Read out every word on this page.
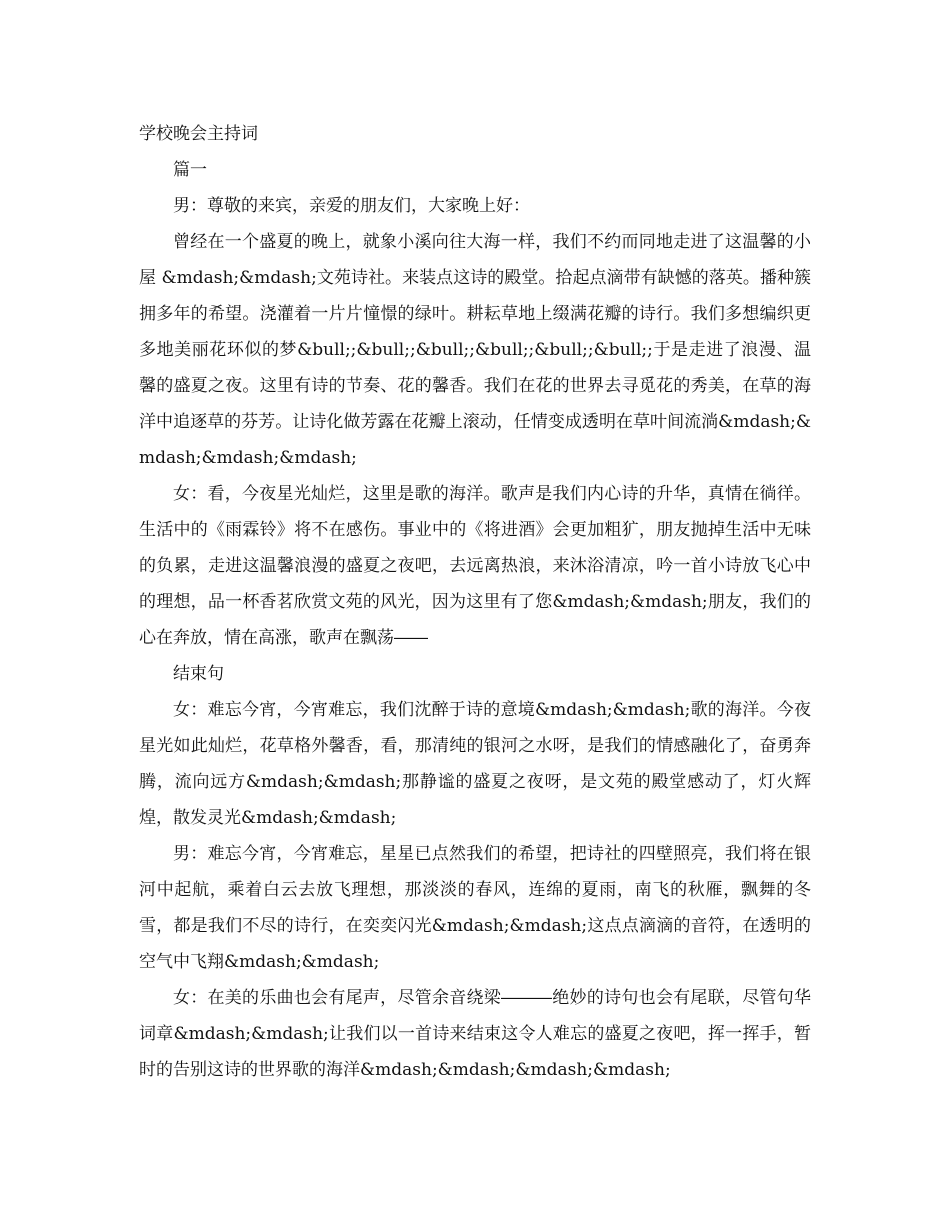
学校晚会主持词

篇一

男：尊敬的来宾，亲爱的朋友们，大家晚上好：

曾经在一个盛夏的晚上，就象小溪向往大海一样，我们不约而同地走进了这温馨的小屋 &mdash;&mdash;文苑诗社。来装点这诗的殿堂。拾起点滴带有缺憾的落英。播种簇拥多年的希望。浇灌着一片片憧憬的绿叶。耕耘草地上缀满花瓣的诗行。我们多想编织更多地美丽花环似的梦&bull;;&bull;;&bull;;&bull;;&bull;;&bull;;于是走进了浪漫、温馨的盛夏之夜。这里有诗的节奏、花的馨香。我们在花的世界去寻觅花的秀美，在草的海洋中追逐草的芬芳。让诗化做芳露在花瓣上滚动，任情变成透明在草叶间流淌&mdash;&mdash;&mdash;&mdash;

女：看，今夜星光灿烂，这里是歌的海洋。歌声是我们内心诗的升华，真情在徜徉。生活中的《雨霖铃》将不在感伤。事业中的《将进酒》会更加粗犷，朋友抛掉生活中无味的负累，走进这温馨浪漫的盛夏之夜吧，去远离热浪，来沐浴清凉，吟一首小诗放飞心中的理想，品一杯香茗欣赏文苑的风光，因为这里有了您&mdash;&mdash;朋友，我们的心在奔放，情在高涨，歌声在飘荡――

结束句

女：难忘今宵，今宵难忘，我们沈醉于诗的意境&mdash;&mdash;歌的海洋。今夜星光如此灿烂，花草格外馨香，看，那清纯的银河之水呀，是我们的情感融化了，奋勇奔腾，流向远方&mdash;&mdash;那静谧的盛夏之夜呀，是文苑的殿堂感动了，灯火辉煌，散发灵光&mdash;&mdash;

男：难忘今宵，今宵难忘，星星已点然我们的希望，把诗社的四壁照亮，我们将在银河中起航，乘着白云去放飞理想，那淡淡的春风，连绵的夏雨，南飞的秋雁，飘舞的冬雪，都是我们不尽的诗行，在奕奕闪光&mdash;&mdash;这点点滴滴的音符，在透明的空气中飞翔&mdash;&mdash;

女：在美的乐曲也会有尾声，尽管余音绕梁―――绝妙的诗句也会有尾联，尽管句华词章&mdash;&mdash;让我们以一首诗来结束这令人难忘的盛夏之夜吧，挥一挥手，暂时的告别这诗的世界歌的海洋&mdash;&mdash;&mdash;&mdash;
